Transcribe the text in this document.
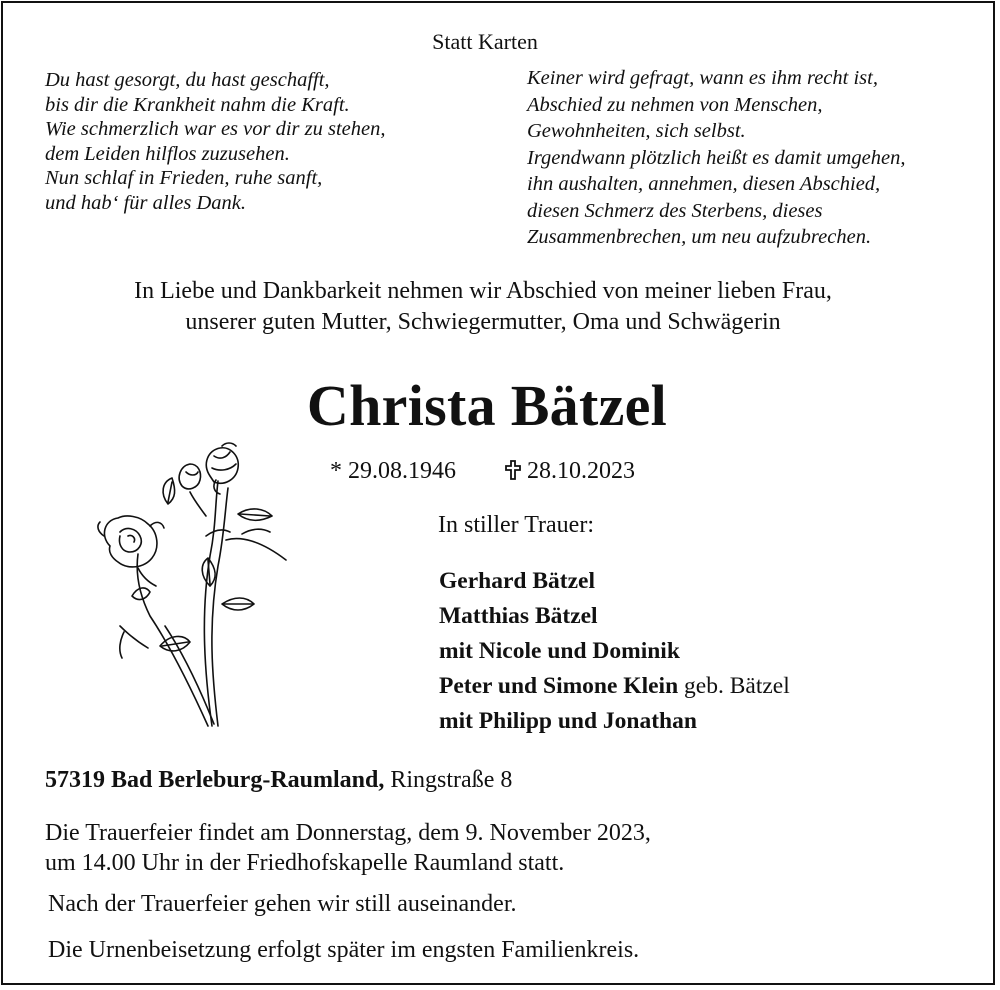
Statt Karten
Du hast gesorgt, du hast geschafft,
bis dir die Krankheit nahm die Kraft.
Wie schmerzlich war es vor dir zu stehen,
dem Leiden hilflos zuzusehen.
Nun schlaf in Frieden, ruhe sanft,
und hab‘ für alles Dank.
Keiner wird gefragt, wann es ihm recht ist,
Abschied zu nehmen von Menschen,
Gewohnheiten, sich selbst.
Irgendwann plötzlich heißt es damit umgehen,
ihn aushalten, annehmen, diesen Abschied,
diesen Schmerz des Sterbens, dieses
Zusammenbrechen, um neu aufzubrechen.
In Liebe und Dankbarkeit nehmen wir Abschied von meiner lieben Frau,
unserer guten Mutter, Schwiegermutter, Oma und Schwägerin
Christa Bätzel
* 29.08.1946	28.10.2023
In stiller Trauer:
Gerhard Bätzel
Matthias Bätzel
mit Nicole und Dominik
Peter und Simone Klein geb. Bätzel
mit Philipp und Jonathan
57319 Bad Berleburg-Raumland, Ringstraße 8
Die Trauerfeier findet am Donnerstag, dem 9. November 2023,
um 14.00 Uhr in der Friedhofskapelle Raumland statt.
Nach der Trauerfeier gehen wir still auseinander.
Die Urnenbeisetzung erfolgt später im engsten Familienkreis.
